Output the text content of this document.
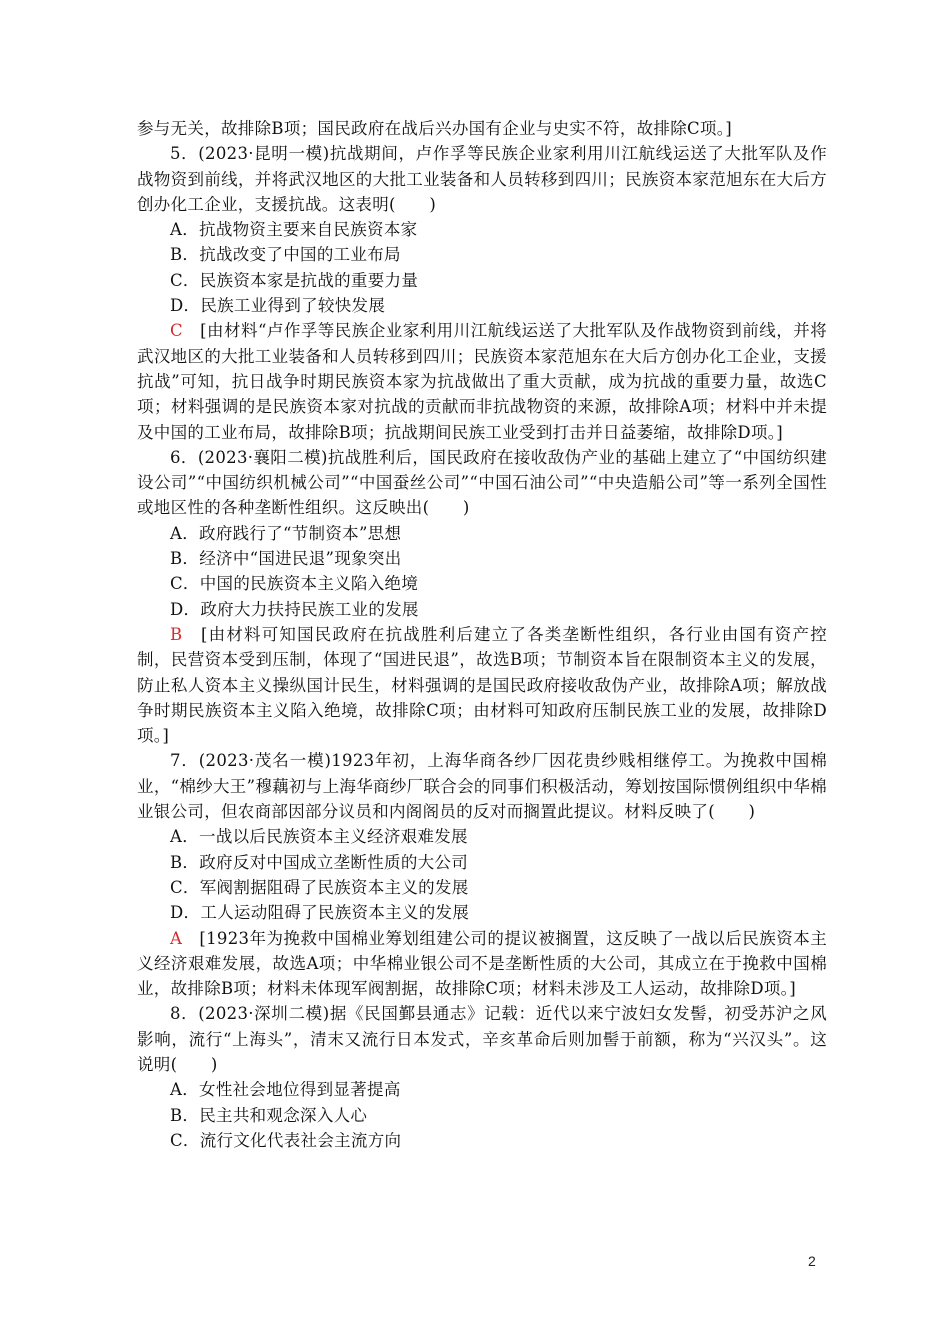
参与无关，故排除B项；国民政府在战后兴办国有企业与史实不符，故排除C项。]

5．(2023·昆明一模)抗战期间，卢作孚等民族企业家利用川江航线运送了大批军队及作战物资到前线，并将武汉地区的大批工业装备和人员转移到四川；民族资本家范旭东在大后方创办化工企业，支援抗战。这表明(　　)

A．抗战物资主要来自民族资本家

B．抗战改变了中国的工业布局

C．民族资本家是抗战的重要力量

D．民族工业得到了较快发展

C　[由材料“卢作孚等民族企业家利用川江航线运送了大批军队及作战物资到前线，并将武汉地区的大批工业装备和人员转移到四川；民族资本家范旭东在大后方创办化工企业，支援抗战”可知，抗日战争时期民族资本家为抗战做出了重大贡献，成为抗战的重要力量，故选C项；材料强调的是民族资本家对抗战的贡献而非抗战物资的来源，故排除A项；材料中并未提及中国的工业布局，故排除B项；抗战期间民族工业受到打击并日益萎缩，故排除D项。]

6．(2023·襄阳二模)抗战胜利后，国民政府在接收敌伪产业的基础上建立了“中国纺织建设公司”“中国纺织机械公司”“中国蚕丝公司”“中国石油公司”“中央造船公司”等一系列全国性或地区性的各种垄断性组织。这反映出(　　)

A．政府践行了“节制资本”思想

B．经济中“国进民退”现象突出

C．中国的民族资本主义陷入绝境

D．政府大力扶持民族工业的发展

B　[由材料可知国民政府在抗战胜利后建立了各类垄断性组织，各行业由国有资产控制，民营资本受到压制，体现了“国进民退”，故选B项；节制资本旨在限制资本主义的发展，防止私人资本主义操纵国计民生，材料强调的是国民政府接收敌伪产业，故排除A项；解放战争时期民族资本主义陷入绝境，故排除C项；由材料可知政府压制民族工业的发展，故排除D项。]

7．(2023·茂名一模)1923年初，上海华商各纱厂因花贵纱贱相继停工。为挽救中国棉业，“棉纱大王”穆藕初与上海华商纱厂联合会的同事们积极活动，筹划按国际惯例组织中华棉业银公司，但农商部因部分议员和内阁阁员的反对而搁置此提议。材料反映了(　　)

A．一战以后民族资本主义经济艰难发展

B．政府反对中国成立垄断性质的大公司

C．军阀割据阻碍了民族资本主义的发展

D．工人运动阻碍了民族资本主义的发展

A　[1923年为挽救中国棉业筹划组建公司的提议被搁置，这反映了一战以后民族资本主义经济艰难发展，故选A项；中华棉业银公司不是垄断性质的大公司，其成立在于挽救中国棉业，故排除B项；材料未体现军阀割据，故排除C项；材料未涉及工人运动，故排除D项。]

8．(2023·深圳二模)据《民国鄞县通志》记载：近代以来宁波妇女发髻，初受苏沪之风影响，流行“上海头”，清末又流行日本发式，辛亥革命后则加髻于前额，称为“兴汉头”。这说明(　　)

A．女性社会地位得到显著提高

B．民主共和观念深入人心

C．流行文化代表社会主流方向

2
